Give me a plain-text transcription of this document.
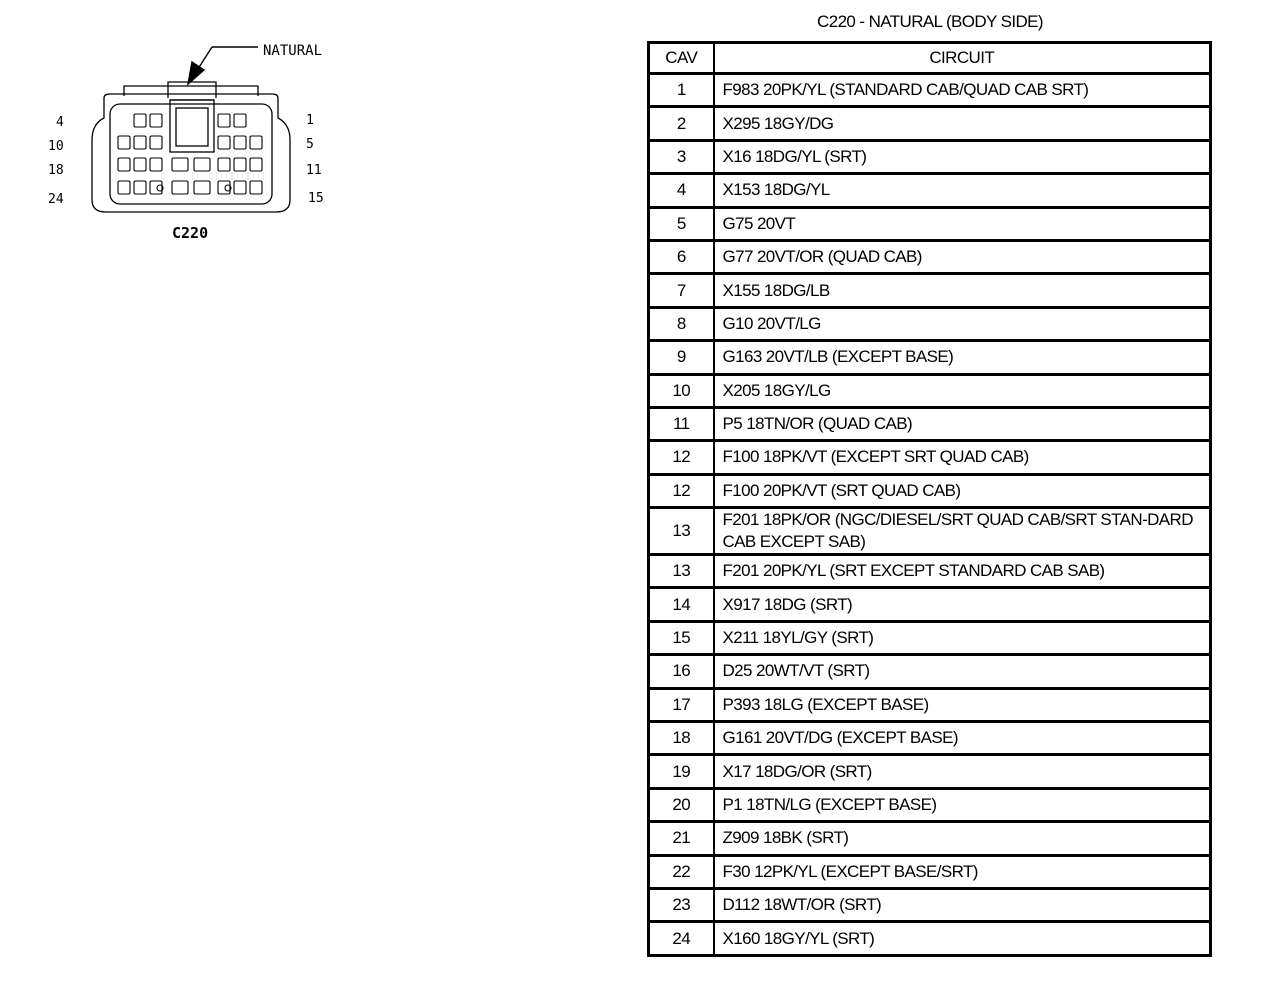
NATURAL
4
10
18
24
1
5
11
15
C220
C220 - NATURAL (BODY SIDE)
CAV	CIRCUIT
1	F983 20PK/YL (STANDARD CAB/QUAD CAB SRT)
2	X295 18GY/DG
3	X16 18DG/YL (SRT)
4	X153 18DG/YL
5	G75 20VT
6	G77 20VT/OR (QUAD CAB)
7	X155 18DG/LB
8	G10 20VT/LG
9	G163 20VT/LB (EXCEPT BASE)
10	X205 18GY/LG
11	P5 18TN/OR (QUAD CAB)
12	F100 18PK/VT (EXCEPT SRT QUAD CAB)
12	F100 20PK/VT (SRT QUAD CAB)
13	F201 18PK/OR (NGC/DIESEL/SRT QUAD CAB/SRT STAN-DARD CAB EXCEPT SAB)
13	F201 20PK/YL (SRT EXCEPT STANDARD CAB SAB)
14	X917 18DG (SRT)
15	X211 18YL/GY (SRT)
16	D25 20WT/VT (SRT)
17	P393 18LG (EXCEPT BASE)
18	G161 20VT/DG (EXCEPT BASE)
19	X17 18DG/OR (SRT)
20	P1 18TN/LG (EXCEPT BASE)
21	Z909 18BK (SRT)
22	F30 12PK/YL (EXCEPT BASE/SRT)
23	D112 18WT/OR (SRT)
24	X160 18GY/YL (SRT)
